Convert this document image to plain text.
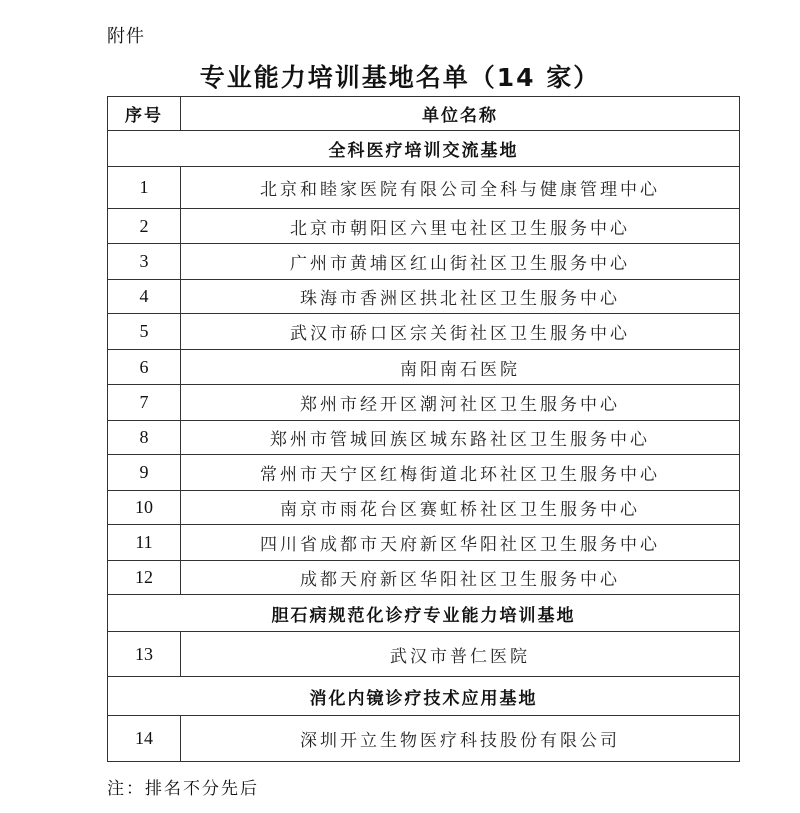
附件
专业能力培训基地名单（14 家）
序号	单位名称
全科医疗培训交流基地	
1	北京和睦家医院有限公司全科与健康管理中心
2	北京市朝阳区六里屯社区卫生服务中心
3	广州市黄埔区红山街社区卫生服务中心
4	珠海市香洲区拱北社区卫生服务中心
5	武汉市硚口区宗关街社区卫生服务中心
6	南阳南石医院
7	郑州市经开区潮河社区卫生服务中心
8	郑州市管城回族区城东路社区卫生服务中心
9	常州市天宁区红梅街道北环社区卫生服务中心
10	南京市雨花台区赛虹桥社区卫生服务中心
11	四川省成都市天府新区华阳社区卫生服务中心
12	成都天府新区华阳社区卫生服务中心
胆石病规范化诊疗专业能力培训基地	
13	武汉市普仁医院
消化内镜诊疗技术应用基地	
14	深圳开立生物医疗科技股份有限公司
注：排名不分先后
